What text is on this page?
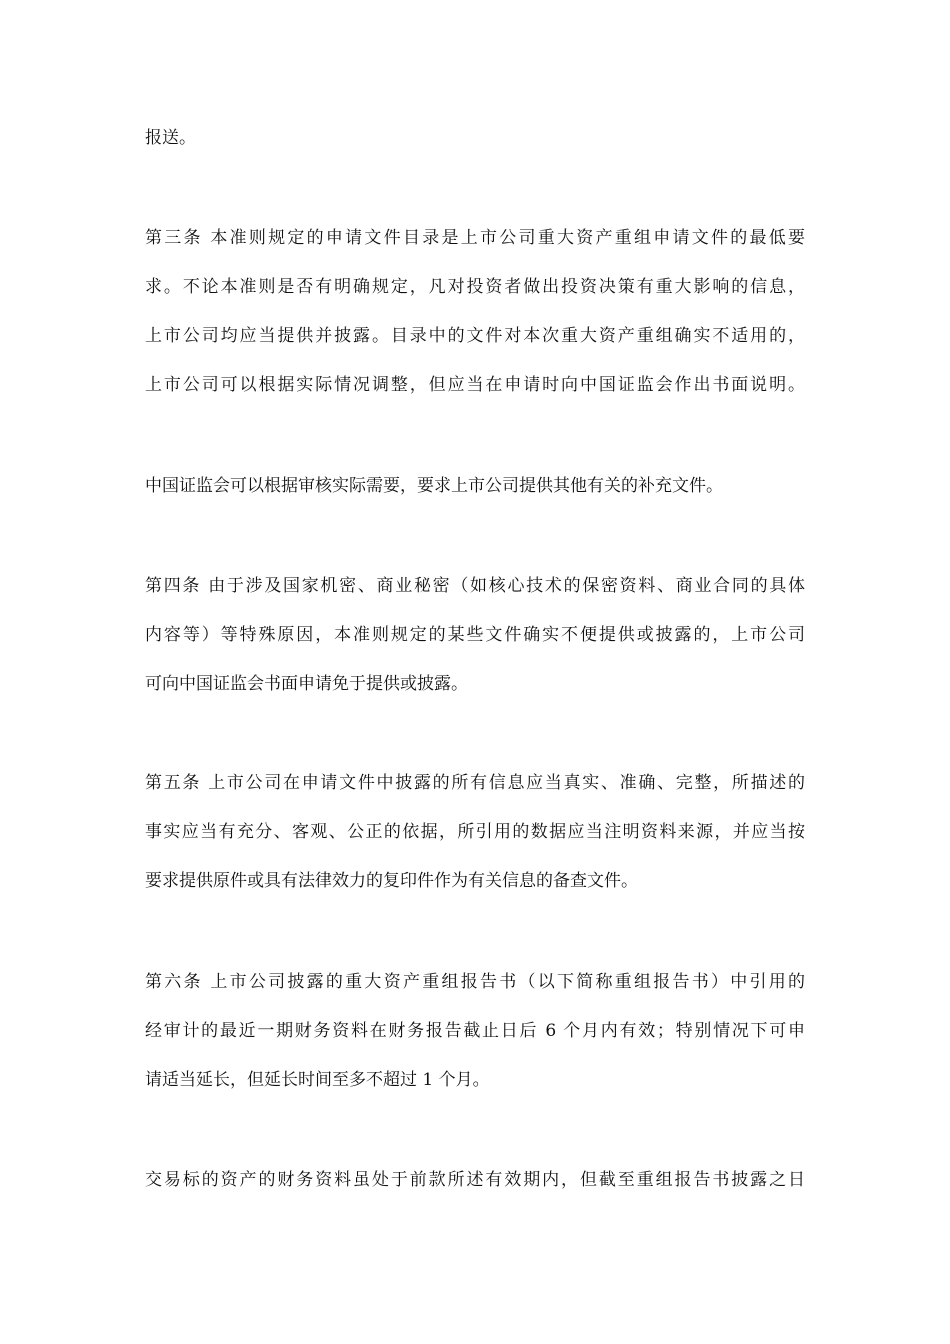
报送。
第三条 本准则规定的申请文件目录是上市公司重大资产重组申请文件的最低要
求。不论本准则是否有明确规定，凡对投资者做出投资决策有重大影响的信息，
上市公司均应当提供并披露。目录中的文件对本次重大资产重组确实不适用的，
上市公司可以根据实际情况调整，但应当在申请时向中国证监会作出书面说明。
中国证监会可以根据审核实际需要，要求上市公司提供其他有关的补充文件。
第四条 由于涉及国家机密、商业秘密（如核心技术的保密资料、商业合同的具体
内容等）等特殊原因，本准则规定的某些文件确实不便提供或披露的，上市公司
可向中国证监会书面申请免于提供或披露。
第五条 上市公司在申请文件中披露的所有信息应当真实、准确、完整，所描述的
事实应当有充分、客观、公正的依据，所引用的数据应当注明资料来源，并应当按
要求提供原件或具有法律效力的复印件作为有关信息的备查文件。
第六条 上市公司披露的重大资产重组报告书（以下简称重组报告书）中引用的
经审计的最近一期财务资料在财务报告截止日后 6 个月内有效；特别情况下可申
请适当延长，但延长时间至多不超过 1 个月。
交易标的资产的财务资料虽处于前款所述有效期内，但截至重组报告书披露之日
